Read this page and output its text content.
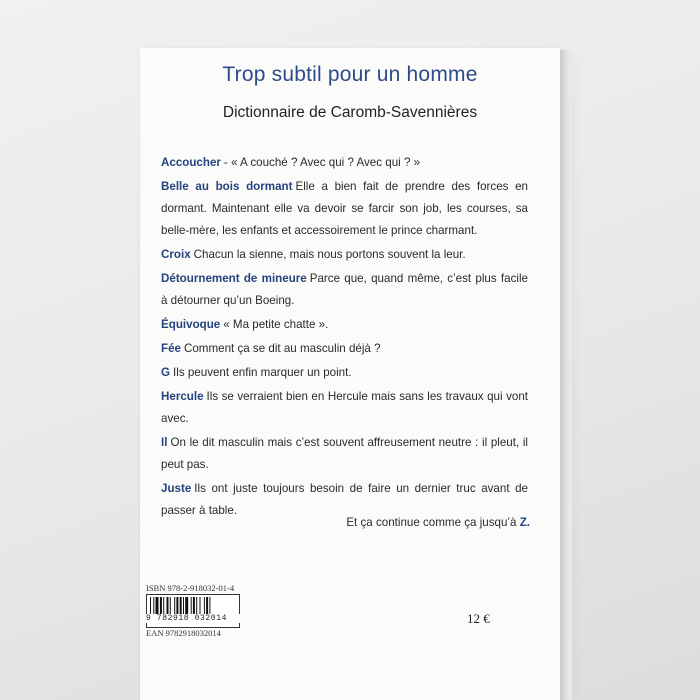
Trop subtil pour un homme
Dictionnaire de Caromb-Savennières
Accoucher - « A couché ? Avec qui ? Avec qui ? »
Belle au bois dormant Elle a bien fait de prendre des forces en dormant. Maintenant elle va devoir se farcir son job, les courses, sa belle-mère, les enfants et accessoirement le prince charmant.
Croix Chacun la sienne, mais nous portons souvent la leur.
Détournement de mineure Parce que, quand même, c’est plus facile à détourner qu’un Boeing.
Équivoque « Ma petite chatte ».
Fée Comment ça se dit au masculin déjà ?
G Ils peuvent enfin marquer un point.
Hercule Ils se verraient bien en Hercule mais sans les travaux qui vont avec.
Il On le dit masculin mais c’est souvent affreusement neutre : il pleut, il peut pas.
Juste Ils ont juste toujours besoin de faire un dernier truc avant de passer à table.
Et ça continue comme ça jusqu’à Z.
ISBN 978-2-918032-01-4
9 782918 032014
EAN 9782918032014
12 €
